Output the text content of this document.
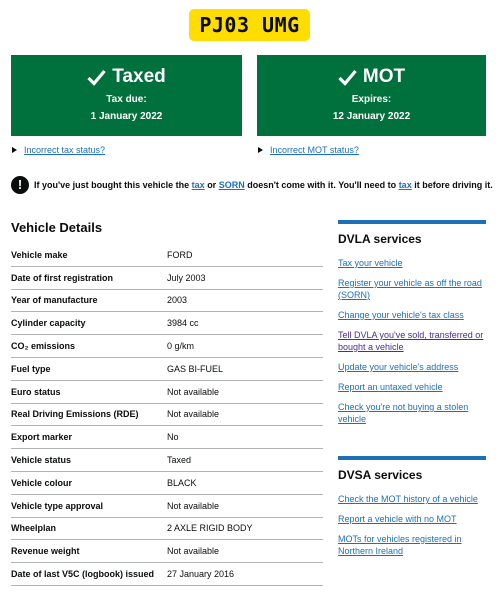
PJ03 UMG
Taxed
Tax due:
1 January 2022
MOT
Expires:
12 January 2022
Incorrect tax status?	Incorrect MOT status?
!	If you've just bought this vehicle the tax or SORN doesn't come with it. You'll need to tax it before driving it.
Vehicle Details
Vehicle make	FORD
Date of first registration	July 2003
Year of manufacture	2003
Cylinder capacity	3984 cc
CO₂ emissions	0 g/km
Fuel type	GAS BI-FUEL
Euro status	Not available
Real Driving Emissions (RDE)	Not available
Export marker	No
Vehicle status	Taxed
Vehicle colour	BLACK
Vehicle type approval	Not available
Wheelplan	2 AXLE RIGID BODY
Revenue weight	Not available
Date of last V5C (logbook) issued	27 January 2016
DVLA services
Tax your vehicle
Register your vehicle as off the road (SORN)
Change your vehicle's tax class
Tell DVLA you've sold, transferred or bought a vehicle
Update your vehicle's address
Report an untaxed vehicle
Check you're not buying a stolen vehicle
DVSA services
Check the MOT history of a vehicle
Report a vehicle with no MOT
MOTs for vehicles registered in Northern Ireland
